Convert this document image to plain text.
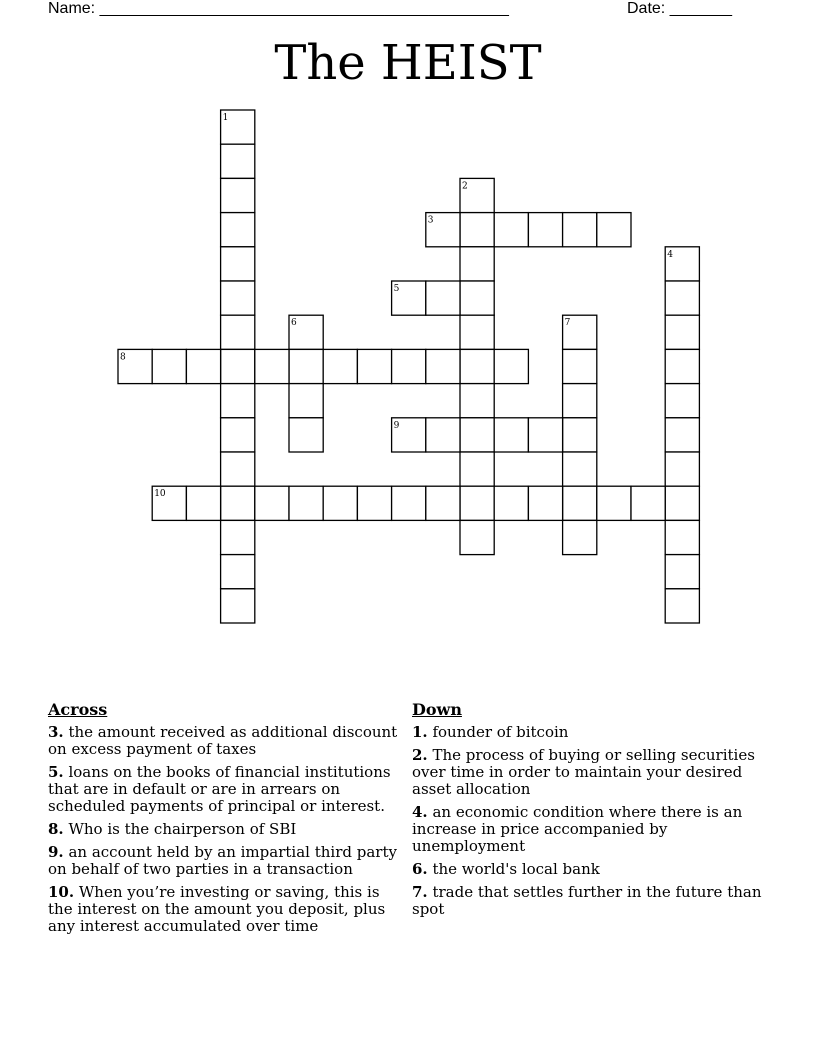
Name: ______________________________________________	Date: _______
The HEIST
1
2
3
4
5
6	7
8
9
10
Across
3. the amount received as additional discount on excess payment of taxes
5. loans on the books of financial institutions that are in default or are in arrears on scheduled payments of principal or interest.
8. Who is the chairperson of SBI
9. an account held by an impartial third party on behalf of two parties in a transaction
10. When you’re investing or saving, this is the interest on the amount you deposit, plus any interest accumulated over time
Down
1. founder of bitcoin
2. The process of buying or selling securities over time in order to maintain your desired asset allocation
4. an economic condition where there is an increase in price accompanied by unemployment
6. the world's local bank
7. trade that settles further in the future than spot
